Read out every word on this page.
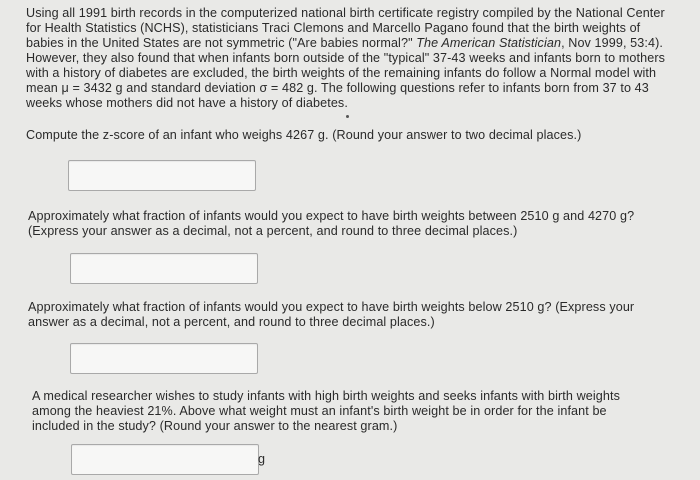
Using all 1991 birth records in the computerized national birth certificate registry compiled by the National Center for Health Statistics (NCHS), statisticians Traci Clemons and Marcello Pagano found that the birth weights of babies in the United States are not symmetric ("Are babies normal?" The American Statistician, Nov 1999, 53:4). However, they also found that when infants born outside of the "typical" 37-43 weeks and infants born to mothers with a history of diabetes are excluded, the birth weights of the remaining infants do follow a Normal model with mean μ = 3432 g and standard deviation σ = 482 g. The following questions refer to infants born from 37 to 43 weeks whose mothers did not have a history of diabetes.

Compute the z-score of an infant who weighs 4267 g. (Round your answer to two decimal places.)

Approximately what fraction of infants would you expect to have birth weights between 2510 g and 4270 g? (Express your answer as a decimal, not a percent, and round to three decimal places.)

Approximately what fraction of infants would you expect to have birth weights below 2510 g? (Express your answer as a decimal, not a percent, and round to three decimal places.)

A medical researcher wishes to study infants with high birth weights and seeks infants with birth weights among the heaviest 21%. Above what weight must an infant's birth weight be in order for the infant be included in the study? (Round your answer to the nearest gram.)

g
